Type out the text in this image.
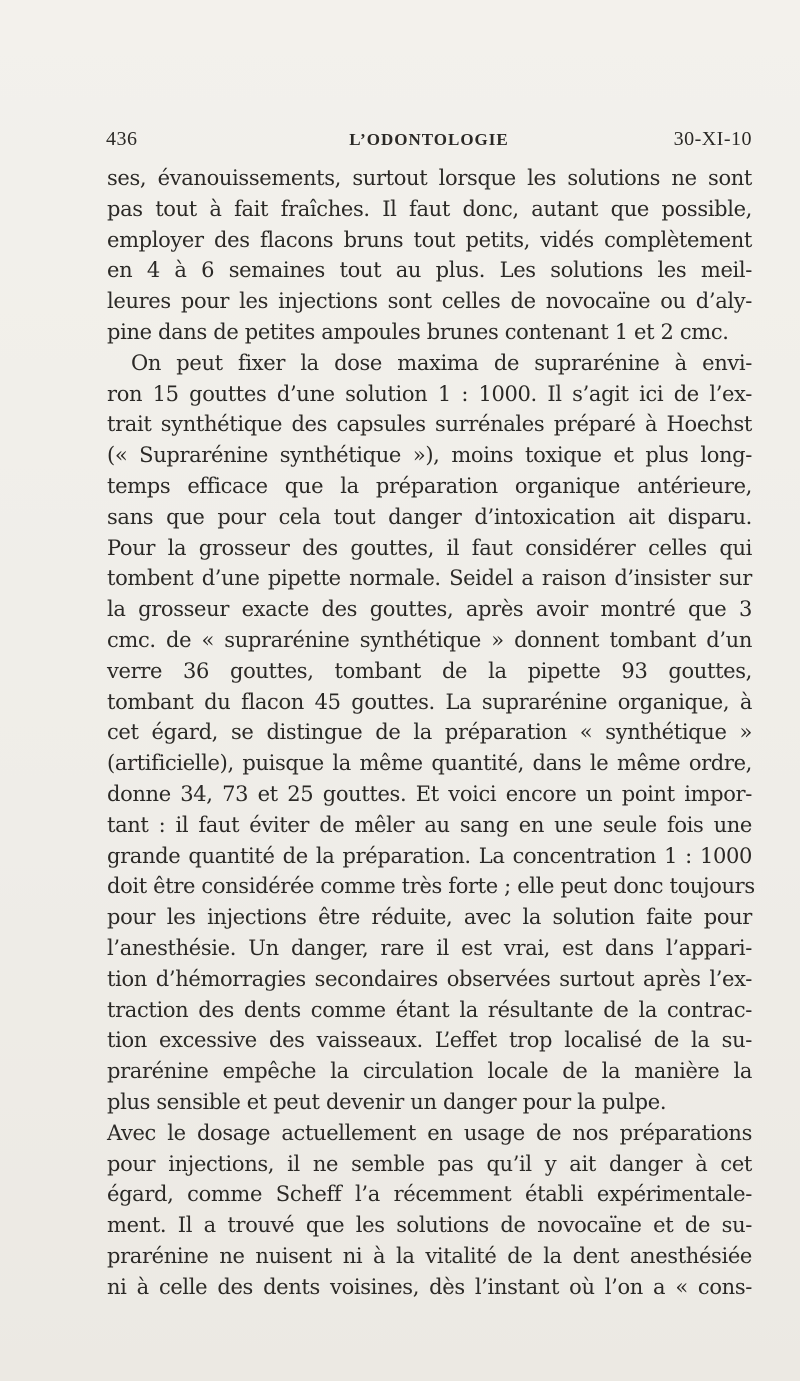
436	L’ODONTOLOGIE	30-XI-10
ses, évanouissements, surtout lorsque les solutions ne sont
pas tout à fait fraîches. Il faut donc, autant que possible,
employer des flacons bruns tout petits, vidés complètement
en 4 à 6 semaines tout au plus. Les solutions les meil-
leures pour les injections sont celles de novocaïne ou d’aly-
pine dans de petites ampoules brunes contenant 1 et 2 cmc.
On peut fixer la dose maxima de suprarénine à envi-
ron 15 gouttes d’une solution 1 : 1000. Il s’agit ici de l’ex-
trait synthétique des capsules surrénales préparé à Hoechst
(« Suprarénine synthétique »), moins toxique et plus long-
temps efficace que la préparation organique antérieure,
sans que pour cela tout danger d’intoxication ait disparu.
Pour la grosseur des gouttes, il faut considérer celles qui
tombent d’une pipette normale. Seidel a raison d’insister sur
la grosseur exacte des gouttes, après avoir montré que 3
cmc. de « suprarénine synthétique » donnent tombant d’un
verre 36 gouttes, tombant de la pipette 93 gouttes,
tombant du flacon 45 gouttes. La suprarénine organique, à
cet égard, se distingue de la préparation « synthétique »
(artificielle), puisque la même quantité, dans le même ordre,
donne 34, 73 et 25 gouttes. Et voici encore un point impor-
tant : il faut éviter de mêler au sang en une seule fois une
grande quantité de la préparation. La concentration 1 : 1000
doit être considérée comme très forte ; elle peut donc toujours
pour les injections être réduite, avec la solution faite pour
l’anesthésie. Un danger, rare il est vrai, est dans l’appari-
tion d’hémorragies secondaires observées surtout après l’ex-
traction des dents comme étant la résultante de la contrac-
tion excessive des vaisseaux. L’effet trop localisé de la su-
prarénine empêche la circulation locale de la manière la
plus sensible et peut devenir un danger pour la pulpe.
Avec le dosage actuellement en usage de nos préparations
pour injections, il ne semble pas qu’il y ait danger à cet
égard, comme Scheff l’a récemment établi expérimentale-
ment. Il a trouvé que les solutions de novocaïne et de su-
prarénine ne nuisent ni à la vitalité de la dent anesthésiée
ni à celle des dents voisines, dès l’instant où l’on a « cons-
